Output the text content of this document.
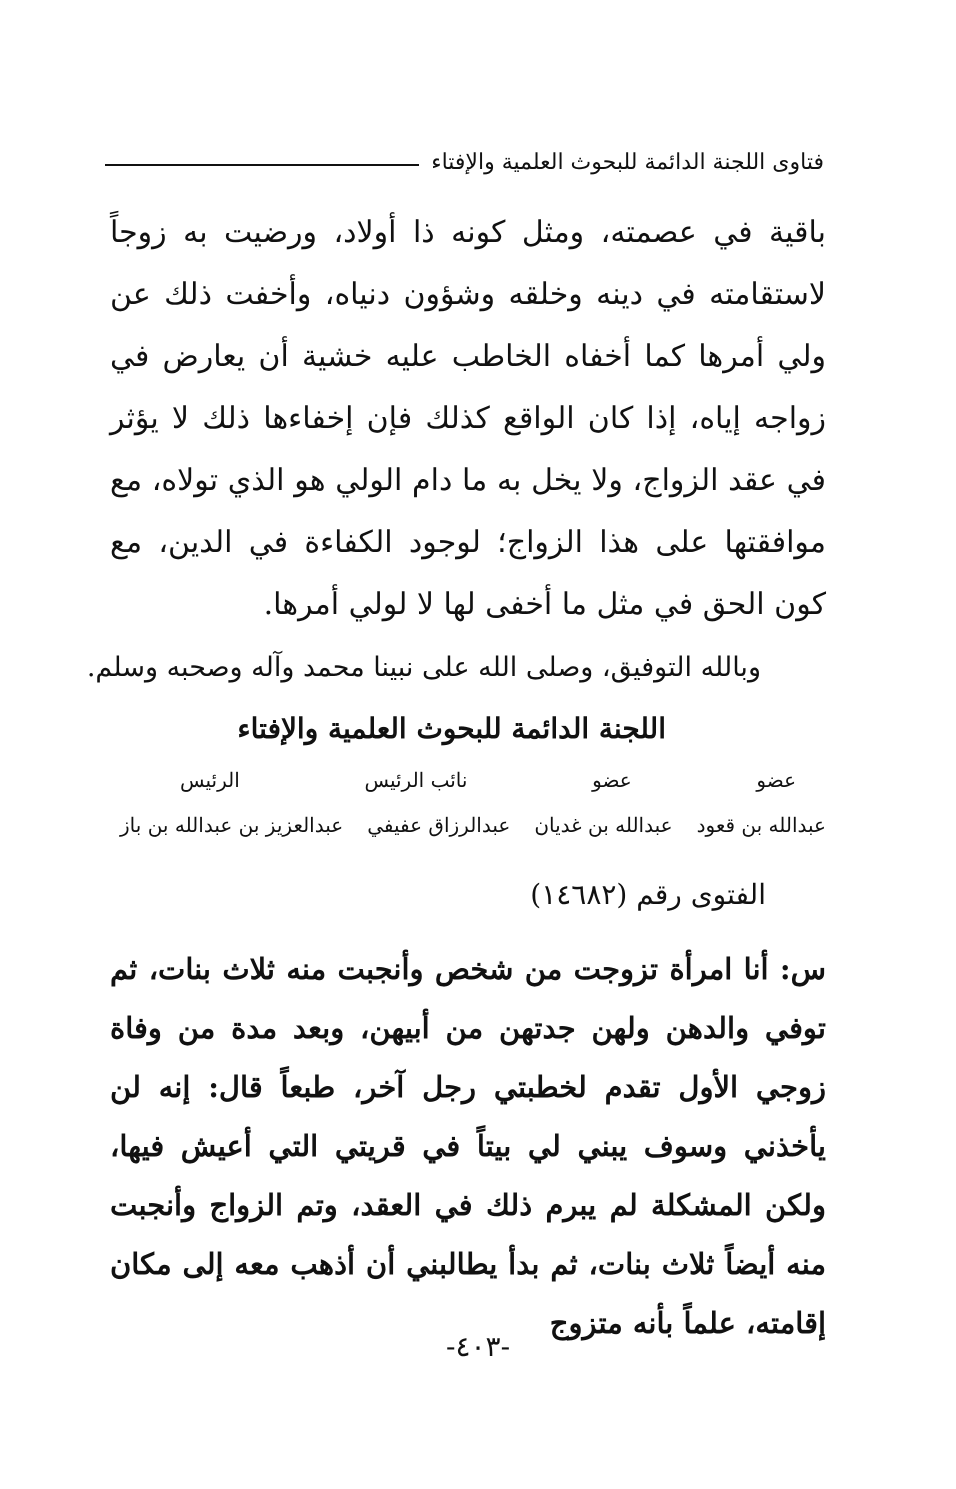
فتاوى اللجنة الدائمة للبحوث العلمية والإفتاء

باقية في عصمته، ومثل كونه ذا أولاد، ورضيت به زوجاً لاستقامته في دينه وخلقه وشؤون دنياه، وأخفت ذلك عن ولي أمرها كما أخفاه الخاطب عليه خشية أن يعارض في زواجه إياه، إذا كان الواقع كذلك فإن إخفاءها ذلك لا يؤثر في عقد الزواج، ولا يخل به ما دام الولي هو الذي تولاه، مع موافقتها على هذا الزواج؛ لوجود الكفاءة في الدين، مع كون الحق في مثل ما أخفى لها لا لولي أمرها.

وبالله التوفيق، وصلى الله على نبينا محمد وآله وصحبه وسلم.
اللجنة الدائمة للبحوث العلمية والإفتاء
عضو
عضو
نائب الرئيس
الرئيس
عبدالله بن قعود
عبدالله بن غديان
عبدالرزاق عفيفي
عبدالعزيز بن عبدالله بن باز
الفتوى رقم (١٤٦٨٢)

س: أنا امرأة تزوجت من شخص وأنجبت منه ثلاث بنات، ثم توفي والدهن ولهن جدتهن من أبيهن، وبعد مدة من وفاة زوجي الأول تقدم لخطبتي رجل آخر، طبعاً قال: إنه لن يأخذني وسوف يبني لي بيتاً في قريتي التي أعيش فيها، ولكن المشكلة لم يبرم ذلك في العقد، وتم الزواج وأنجبت منه أيضاً ثلاث بنات، ثم بدأ يطالبني أن أذهب معه إلى مكان إقامته، علماً بأنه متزوج

-٤٠٣-
